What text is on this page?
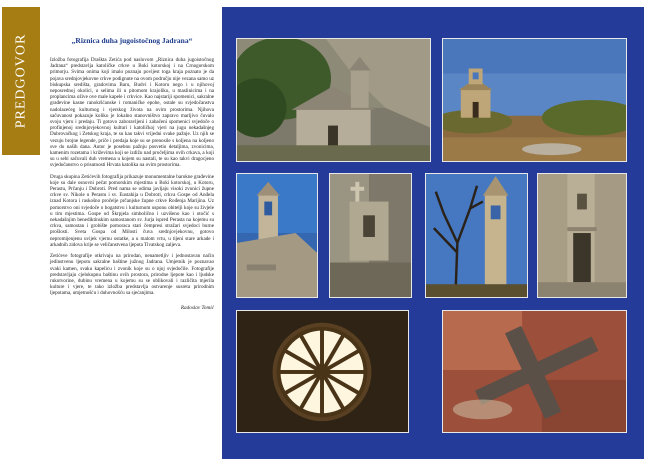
PREDGOVOR	„Riznica duha jugoistočnog Jadrana“

Izložba fotografija Draškta Zetića pod naslovom „Riznica duha jugoistočnog Jadrana“ predstavlja katoličke crkve u Boki kotorskoj i na Crnogorskom primorju. Svima onima koji imalo poznaju povijest toga kraja poznato je da pojava srednjovjekovne crkve podignute na ovom području nije vezana samo uz biskupska središta, gradovima Baru, Budvi i Kotoru nego i u njihovoj neposrednoj okolici, u selima ili u pitomom krajoliku, u maslinicima i na proplancima ožive ove male kapele i crkvice. Kao najstariji spomenici, sakralne građevine kasne ranokršćanske i romaničke epohe, ostale su svjedočanstva nadolazećeg kulturnog i vjerskog života na ovim prostorima. Njihova sačuvanost pokazuje koliko je lokalno stanovništvo zapravo marljivo čuvalo svoju vjeru i predaju. Ti gotovo zaboravljeni i zabačeni spomenici svjedoče o profinjenoj srednjovjekovnoj kulturi i katoličkoj vjeri na jugu nekadašnjeg Dubrovačkog i Zetskog kraja, te su kao takvi vrijedni svake pažnje. Uz njih se vezuju brojne legende, priče i predaja koje su se prenosile s koljena na koljeno sve do naših dana. Autor je posebnu pažnju posvetio detaljima, zvonicima, kamenim rozetama i križevima koji se izdižu nad pročeljima ovih crkava, a koji su u sebi sačuvali duh vremena u kojem su nastali, te su kao takvi dragocjeno svjedočanstvo o prisutnosti Hrvata katolika na ovim prostorima.

Druga skupina Zetićevih fotografija prikazuje monumentalne barokne građevine koje su dale osnovni pečat pomorskim mjestima u Boki kotorskoj, u Kotoru, Perastu, Prčanju i Dobroti. Pred nama se odima javljaju visoki zvonici župne crkve sv. Nikole u Perastu i sv. Eustahija u Dobroti, crkva Gospe od Anđela iznad Kotora i raskošno pročelje prčanjske župne crkve Rođenja Marijina. Uz pomorstvo oni svjedoče o bogatstvu i kulturnom usponu obitelji koje su živjele u tim mjestima. Gospe od Škrpjela simbolično i uzvišeno kao i otočić s nekadašnjim benediktinskim samostanom sv. Jurja ispred Perasta na kojemu su crkva, samostan i grobište pomoraca stari čempresi stražari svjedoci burne prošlosti. Sveta Gospa od Milosti čuva srednjovjekovnu, gotovo nepromijenjenu uvijek vjernu ostatke, a u malom vrtu, u tijeni stare arkade i arkadnih zidova krije se veličanstvena ljepota Tivatskog zaljeva.

Zetićeve fotografije otkrivaju na prirodan, nenametljiv i jednostavan način jedinstvenu ljepotu sakralne baštine južnog Jadrana. Umjetnik je poznavao svaki kamen, svaku kapelicu i zvonik koje su o njoj svjedočile. Fotografije predstavljaju cjelokupnu baštinu ovih prostora, prirodne ljepote kao i ljudske rukotvorine, dubinu vremena u kojemu su se oblikovali i različita mjerila kulture i vjere, te tako izložba predstavlja ostvarenje susreta prirodnim ljepotama, umjetnošću i duhovnošću sa sjećanjima.

Radoslav Tomić
